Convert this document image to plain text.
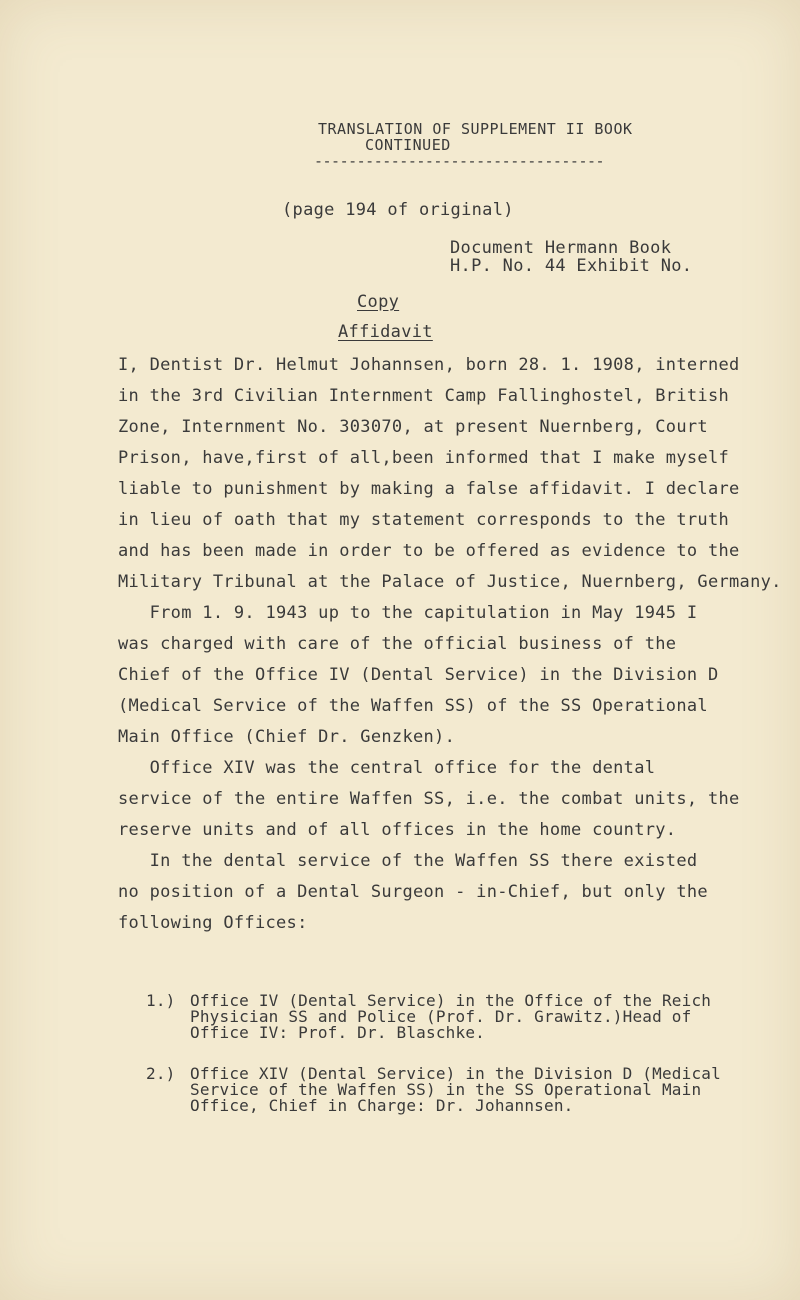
TRANSLATION OF SUPPLEMENT II BOOK
CONTINUED
----------------------------------
(page 194 of original)
Document Hermann Book
H.P. No. 44 Exhibit No.
Copy
Affidavit
I, Dentist Dr. Helmut Johannsen, born 28. 1. 1908, interned
in the 3rd Civilian Internment Camp Fallinghostel, British
Zone, Internment No. 303070, at present Nuernberg, Court
Prison, have,first of all,been informed that I make myself
liable to punishment by making a false affidavit. I declare
in lieu of oath that my statement corresponds to the truth
and has been made in order to be offered as evidence to the
Military Tribunal at the Palace of Justice, Nuernberg, Germany.
From 1. 9. 1943 up to the capitulation in May 1945 I
was charged with care of the official business of the
Chief of the Office IV (Dental Service) in the Division D
(Medical Service of the Waffen SS) of the SS Operational
Main Office (Chief Dr. Genzken).
Office XIV was the central office for the dental
service of the entire Waffen SS, i.e. the combat units, the
reserve units and of all offices in the home country.
In the dental service of the Waffen SS there existed
no position of a Dental Surgeon - in-Chief, but only the
following Offices:
1.) Office IV (Dental Service) in the Office of the Reich
Physician SS and Police (Prof. Dr. Grawitz.)Head of
Office IV: Prof. Dr. Blaschke.
2.) Office XIV (Dental Service) in the Division D (Medical
Service of the Waffen SS) in the SS Operational Main
Office, Chief in Charge: Dr. Johannsen.
